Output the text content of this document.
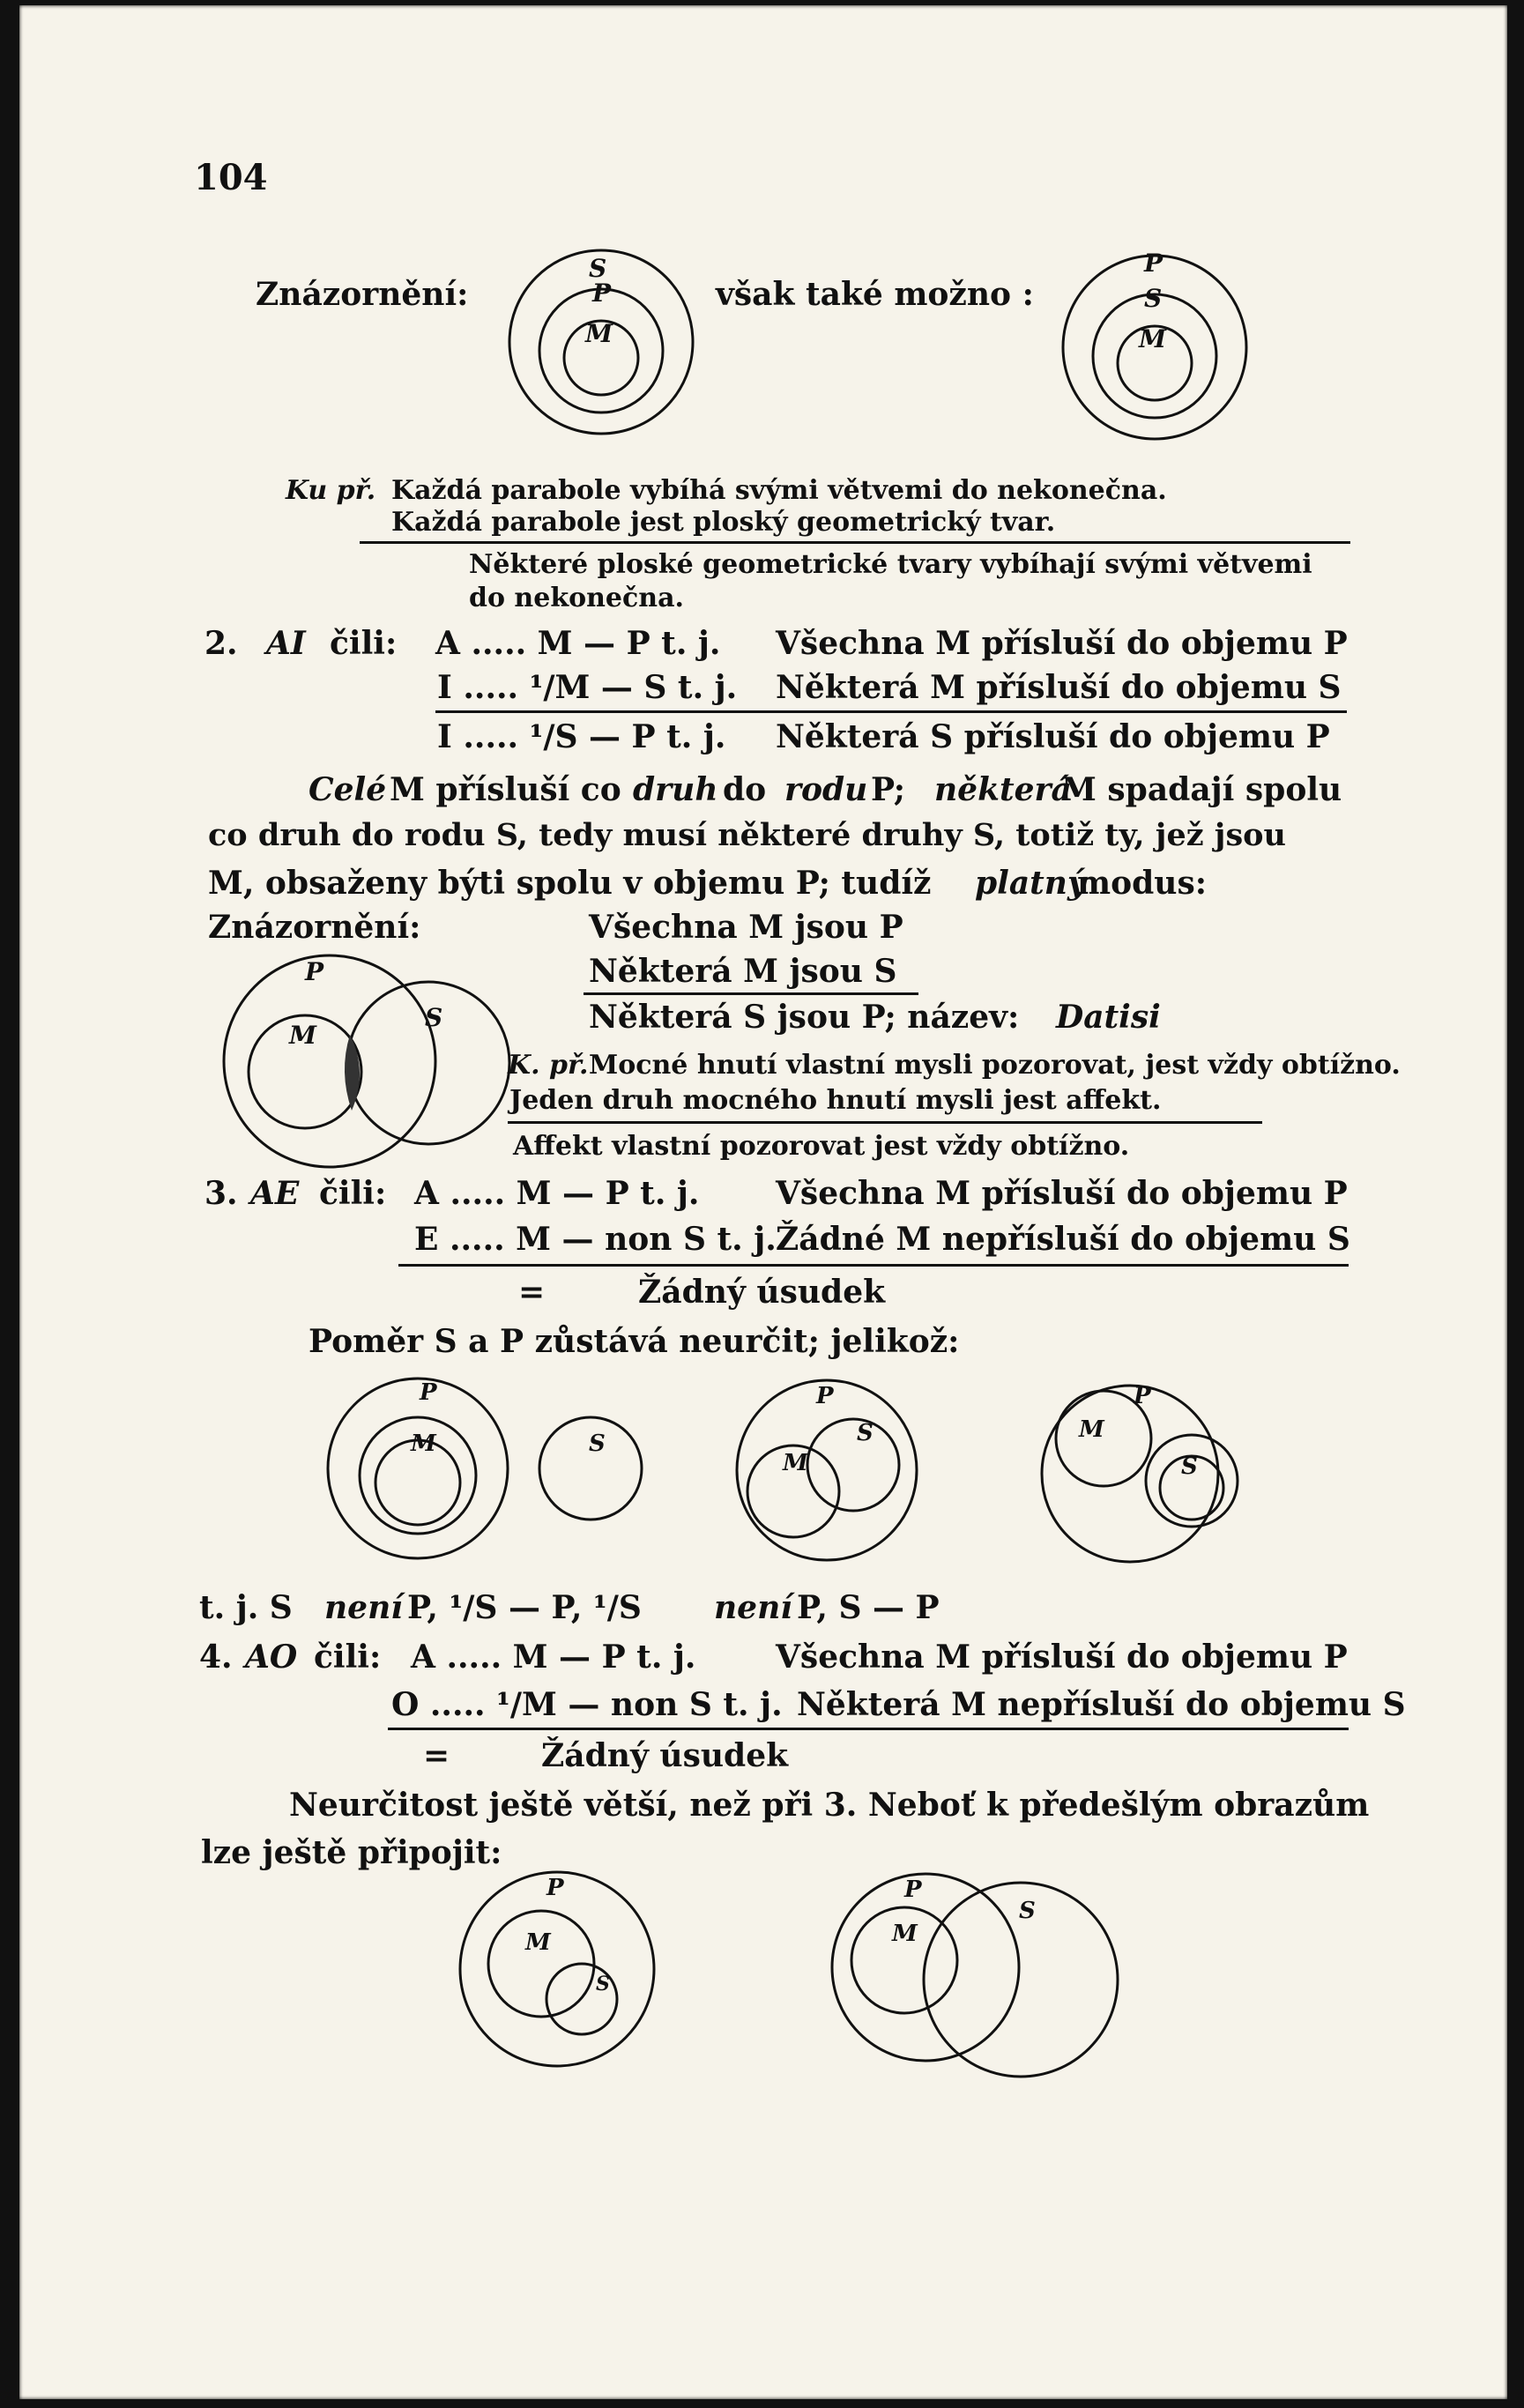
104
Znázornění:
S
P
M
však také možno :
P
S
M
Ku př. Každá parabole vybíhá svými větvemi do nekonečna.
Každá parabole jest ploský geometrický tvar.
Některé ploské geometrické tvary vybíhají svými větvemi
do nekonečna.
2. AI čili: A ..... M — P t. j. Všechna M přísluší do objemu P
I ..... ¹/M — S t. j. Některá M přísluší do objemu S
I ..... ¹/S — P t. j. Některá S přísluší do objemu P
Celé M přísluší co druh do rodu P; některá
M spadají spolu
co druh do rodu S, tedy musí některé druhy S, totiž ty, jež jsou
M, obsaženy býti spolu v objemu P; tudíž platný
modus:
Znázornění:	Všechna M jsou P
Některá M jsou S
Některá S jsou P; název: Datisi
P
M
S
K. př. Mocné hnutí vlastní mysli pozorovat, jest vždy obtížno.
Jeden druh mocného hnutí mysli jest affekt.
Affekt vlastní pozorovat jest vždy obtížno.
3. AE čili: A ..... M — P t. j. Všechna M přísluší do objemu P
E ..... M — non S t. j. Žádné M nepřísluší do objemu S
=	Žádný úsudek
Poměr S a P zůstává neurčit; jelikož:
P
M	S
P
M
S
P
M
S
t. j. S není P, ¹/S — P, ¹/S není P, S — P
4. AO čili: A ..... M — P t. j.	Všechna M přísluší do objemu P
O ..... ¹/M — non S t. j. Některá M nepřísluší do objemu S
=	Žádný úsudek
Neurčitost ještě větší, než při 3. Neboť k předešlým obrazům
lze ještě připojit:
P
M
S
P
M
S
